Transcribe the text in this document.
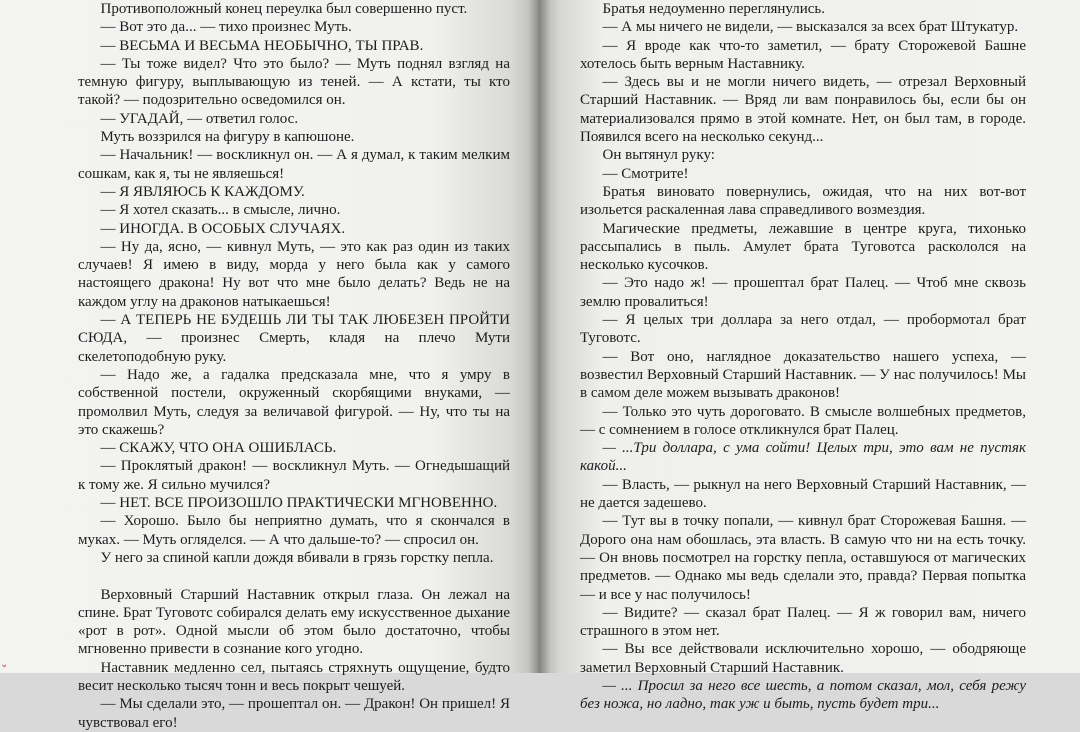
Противоположный конец переулка был совершенно пуст.

— Вот это да... — тихо произнес Муть.

— ВЕСЬМА И ВЕСЬМА НЕОБЫЧНО, ТЫ ПРАВ.

— Ты тоже видел? Что это было? — Муть поднял взгляд на темную фигуру, выплывающую из теней. — А кстати, ты кто такой? — подозрительно осведомился он.

— УГАДАЙ, — ответил голос.

Муть воззрился на фигуру в капюшоне.

— Начальник! — воскликнул он. — А я думал, к таким мелким сошкам, как я, ты не являешься!

— Я ЯВЛЯЮСЬ К КАЖДОМУ.

— Я хотел сказать... в смысле, лично.

— ИНОГДА. В ОСОБЫХ СЛУЧАЯХ.

— Ну да, ясно, — кивнул Муть, — это как раз один из таких случаев! Я имею в виду, морда у него была как у самого настоящего дракона! Ну вот что мне было делать? Ведь не на каждом углу на драконов натыкаешься!

— А ТЕПЕРЬ НЕ БУДЕШЬ ЛИ ТЫ ТАК ЛЮБЕЗЕН ПРОЙТИ СЮДА, — произнес Смерть, кладя на плечо Мути скелетоподобную руку.

— Надо же, а гадалка предсказала мне, что я умру в собственной постели, окруженный скорбящими внуками, — промолвил Муть, следуя за величавой фигурой. — Ну, что ты на это скажешь?

— СКАЖУ, ЧТО ОНА ОШИБЛАСЬ.

— Проклятый дракон! — воскликнул Муть. — Огнедышащий к тому же. Я сильно мучился?

— НЕТ. ВСЕ ПРОИЗОШЛО ПРАКТИЧЕСКИ МГНОВЕННО.

— Хорошо. Было бы неприятно думать, что я скончался в муках. — Муть огляделся. — А что дальше-то? — спросил он.

У него за спиной капли дождя вбивали в грязь горстку пепла.

Верховный Старший Наставник открыл глаза. Он лежал на спине. Брат Туговотс собирался делать ему искусственное дыхание «рот в рот». Одной мысли об этом было достаточно, чтобы мгновенно привести в сознание кого угодно.

Наставник медленно сел, пытаясь стряхнуть ощущение, будто весит несколько тысяч тонн и весь покрыт чешуей.

— Мы сделали это, — прошептал он. — Дракон! Он пришел! Я чувствовал его!

⌄

Братья недоуменно переглянулись.

— А мы ничего не видели, — высказался за всех брат Штукатур.

— Я вроде как что-то заметил, — брату Сторожевой Башне хотелось быть верным Наставнику.

— Здесь вы и не могли ничего видеть, — отрезал Верховный Старший Наставник. — Вряд ли вам понравилось бы, если бы он материализовался прямо в этой комнате. Нет, он был там, в городе. Появился всего на несколько секунд...

Он вытянул руку:

— Смотрите!

Братья виновато повернулись, ожидая, что на них вот-вот изольется раскаленная лава справедливого возмездия.

Магические предметы, лежавшие в центре круга, тихонько рассыпались в пыль. Амулет брата Туговотса раскололся на несколько кусочков.

— Это надо ж! — прошептал брат Палец. — Чтоб мне сквозь землю провалиться!

— Я целых три доллара за него отдал, — пробормотал брат Туговотс.

— Вот оно, наглядное доказательство нашего успеха, — возвестил Верховный Старший Наставник. — У нас получилось! Мы в самом деле можем вызывать драконов!

— Только это чуть дороговато. В смысле волшебных предметов, — с сомнением в голосе откликнулся брат Палец.

— ...Три доллара, с ума сойти! Целых три, это вам не пустяк какой...

— Власть, — рыкнул на него Верховный Старший Наставник, — не дается задешево.

— Тут вы в точку попали, — кивнул брат Сторожевая Башня. — Дорого она нам обошлась, эта власть. В самую что ни на есть точку. — Он вновь посмотрел на горстку пепла, оставшуюся от магических предметов. — Однако мы ведь сделали это, правда? Первая попытка — и все у нас получилось!

— Видите? — сказал брат Палец. — Я ж говорил вам, ничего страшного в этом нет.

— Вы все действовали исключительно хорошо, — ободряюще заметил Верховный Старший Наставник.

— ... Просил за него все шесть, а потом сказал, мол, себя режу без ножа, но ладно, так уж и быть, пусть будет три...
